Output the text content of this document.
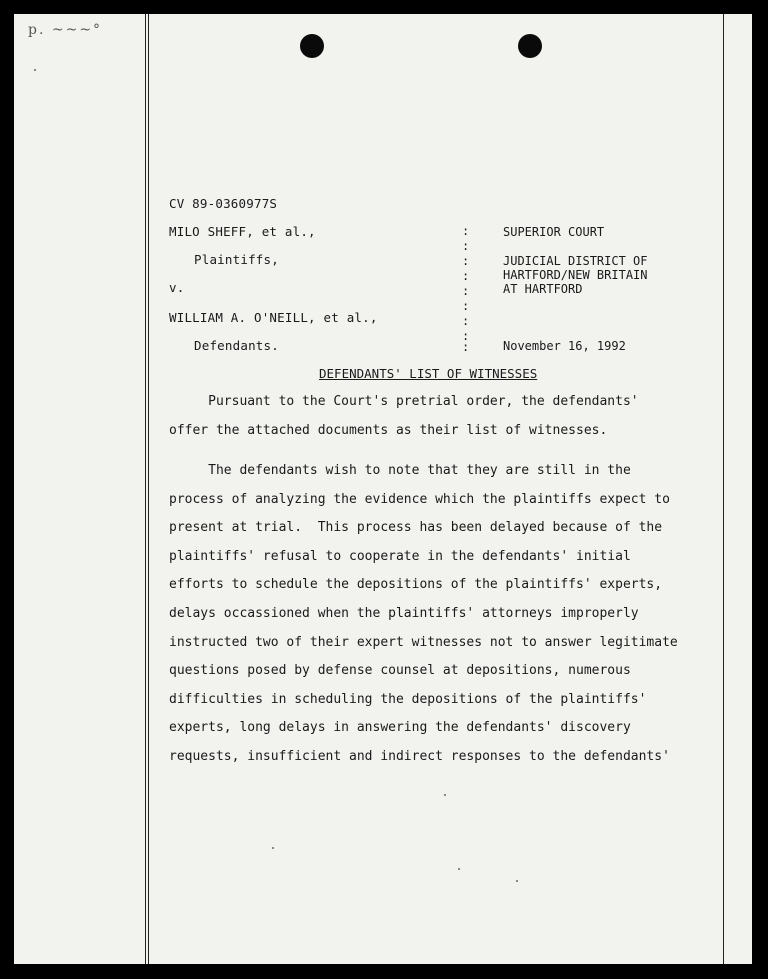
p. ~~~°
CV 89-0360977S
MILO SHEFF, et al.,
Plaintiffs,
v.
WILLIAM A. O'NEILL, et al.,
Defendants.
:
:
:
:
:
:
:
:
:
SUPERIOR COURT
JUDICIAL DISTRICT OF
HARTFORD/NEW BRITAIN
AT HARTFORD
November 16, 1992
DEFENDANTS' LIST OF WITNESSES

Pursuant to the Court's pretrial order, the defendants'

offer the attached documents as their list of witnesses.

The defendants wish to note that they are still in the

process of analyzing the evidence which the plaintiffs expect to

present at trial.  This process has been delayed because of the

plaintiffs' refusal to cooperate in the defendants' initial

efforts to schedule the depositions of the plaintiffs' experts,

delays occassioned when the plaintiffs' attorneys improperly

instructed two of their expert witnesses not to answer legitimate

questions posed by defense counsel at depositions, numerous

difficulties in scheduling the depositions of the plaintiffs'

experts, long delays in answering the defendants' discovery

requests, insufficient and indirect responses to the defendants'
